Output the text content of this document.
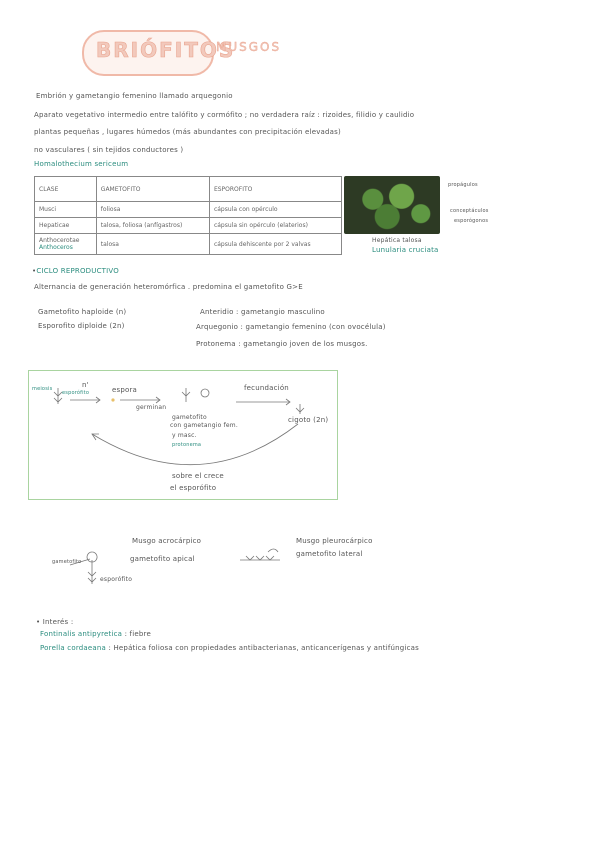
BRIÓFITOS
MUSGOS
Embrión y gametangio femenino llamado arquegonio
Aparato vegetativo intermedio entre talófito y cormófito ; no verdadera raíz : rizoides, filidio y caulidio
plantas pequeñas , lugares húmedos (más abundantes con precipitación elevadas)
no vasculares ( sin tejidos conductores )
Homalothecium sericeum
CLASE	GAMETOFITO	ESPOROFITO
Musci	foliosa	cápsula con opérculo
Hepaticae	talosa, foliosa (anfígastros)	cápsula sin opérculo (elaterios)
Anthocerotae
Anthoceros	talosa	cápsula dehiscente por 2 valvas
propágulos
conceptáculos
esporógonos
Hepática talosa
Lunularia cruciata
•CICLO REPRODUCTIVO
Alternancia de generación heteromórfica . predomina el gametofito G>E
Gametofito haploide (n)
Esporofito diploide (2n)
Anteridio : gametangio masculino
Arquegonio : gametangio femenino (con ovocélula)
Protonema : gametangio joven de los musgos.
meiosis
esporófito
n'
espora
germinan
gametofito
con gametangio fem.
y masc.
protonema
fecundación
cigoto (2n)
sobre el crece
el esporófito
Musgo acrocárpico
gametofito apical
Musgo pleurocárpico
gametofito lateral
gametofito
esporófito
• Interés :
Fontinalis antipyretica : fiebre
Porella cordaeana : Hepática foliosa con propiedades antibacterianas, anticancerígenas y antifúngicas
